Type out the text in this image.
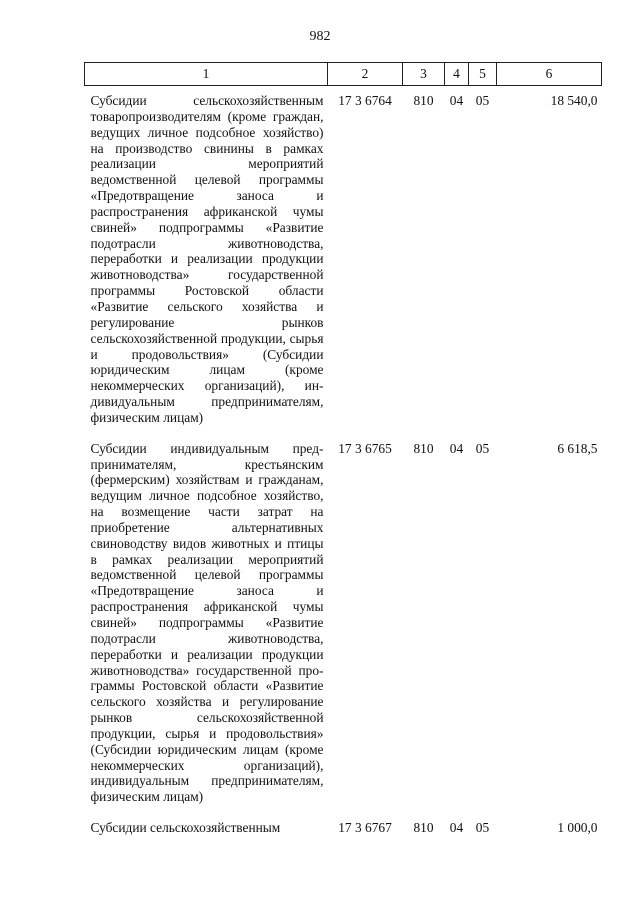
982
1	2	3	4	5	6
Субсидии сельскохозяйственным товаропроизводителям (кроме граждан, ведущих личное подсобное хозяйство) на производство свинины в рамках реализации мероприятий ведомственной целевой программы «Предотвращение заноса и распространения африканской чумы свиней» подпрограммы «Развитие подотрасли животноводства, переработки и реализации продукции животноводства» государственной программы Ростовской области «Развитие сельского хозяйства и регулирование рынков сельскохозяйственной продукции, сырья и продовольствия» (Субсидии юридическим лицам (кроме некоммерческих организаций), индивидуальным предпринимателям, физическим лицам)	17 3 6764	810	04	05	18 540,0
Субсидии индивидуальным предпринимателям, крестьянским (фермерским) хозяйствам и гражданам, ведущим личное подсобное хозяйство, на возмещение части затрат на приобретение альтернативных свиноводству видов животных и птицы в рамках реализации мероприятий ведомственной целевой программы «Предотвращение заноса и распространения африканской чумы свиней» подпрограммы «Развитие подотрасли животноводства, переработки и реализации продукции животноводства» государственной программы Ростовской области «Развитие сельского хозяйства и регулирование рынков сельскохозяйственной продукции, сырья и продовольствия» (Субсидии юридическим лицам (кроме некоммерческих организаций), индивидуальным предпринимателям, физическим лицам)	17 3 6765	810	04	05	6 618,5
Субсидии сельскохозяйственным	17 3 6767	810	04	05	1 000,0
